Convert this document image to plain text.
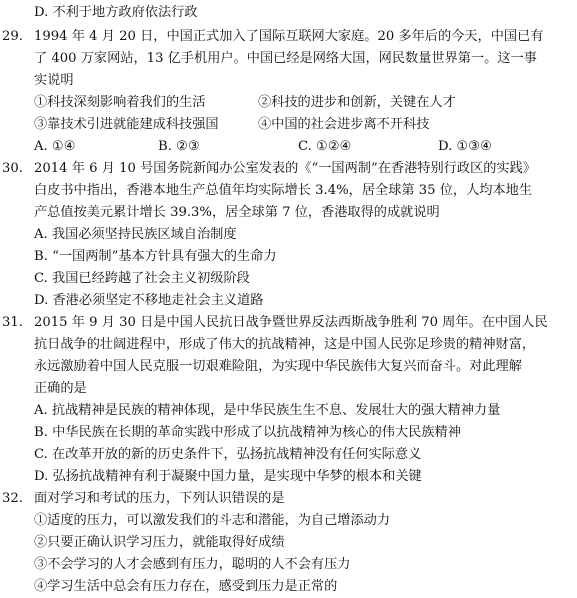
D. 不利于地方政府依法行政
29. 1994 年 4 月 20 日，中国正式加入了国际互联网大家庭。20 多年后的今天，中国已有
了 400 万家网站，13 亿手机用户。中国已经是网络大国，网民数量世界第一。这一事
实说明
①科技深刻影响着我们的生活	②科技的进步和创新，关键在人才
③靠技术引进就能建成科技强国	④中国的社会进步离不开科技
A. ①④	B. ②③	C. ①②④	D. ①③④
30. 2014 年 6 月 10 号国务院新闻办公室发表的《“一国两制”在香港特别行政区的实践》
白皮书中指出，香港本地生产总值年均实际增长 3.4%，居全球第 35 位，人均本地生
产总值按美元累计增长 39.3%，居全球第 7 位，香港取得的成就说明
A. 我国必须坚持民族区域自治制度
B. “一国两制”基本方针具有强大的生命力
C. 我国已经跨越了社会主义初级阶段
D. 香港必须坚定不移地走社会主义道路
31. 2015 年 9 月 30 日是中国人民抗日战争暨世界反法西斯战争胜利 70 周年。在中国人民
抗日战争的壮阔进程中，形成了伟大的抗战精神，这是中国人民弥足珍贵的精神财富，
永远激励着中国人民克服一切艰难险阻，为实现中华民族伟大复兴而奋斗。对此理解
正确的是
A. 抗战精神是民族的精神体现，是中华民族生生不息、发展壮大的强大精神力量
B. 中华民族在长期的革命实践中形成了以抗战精神为核心的伟大民族精神
C. 在改革开放的新的历史条件下，弘扬抗战精神没有任何实际意义
D. 弘扬抗战精神有利于凝聚中国力量，是实现中华梦的根本和关键
32. 面对学习和考试的压力，下列认识错误的是
①适度的压力，可以激发我们的斗志和潜能，为自己增添动力
②只要正确认识学习压力，就能取得好成绩
③不会学习的人才会感到有压力，聪明的人不会有压力
④学习生活中总会有压力存在，感受到压力是正常的
